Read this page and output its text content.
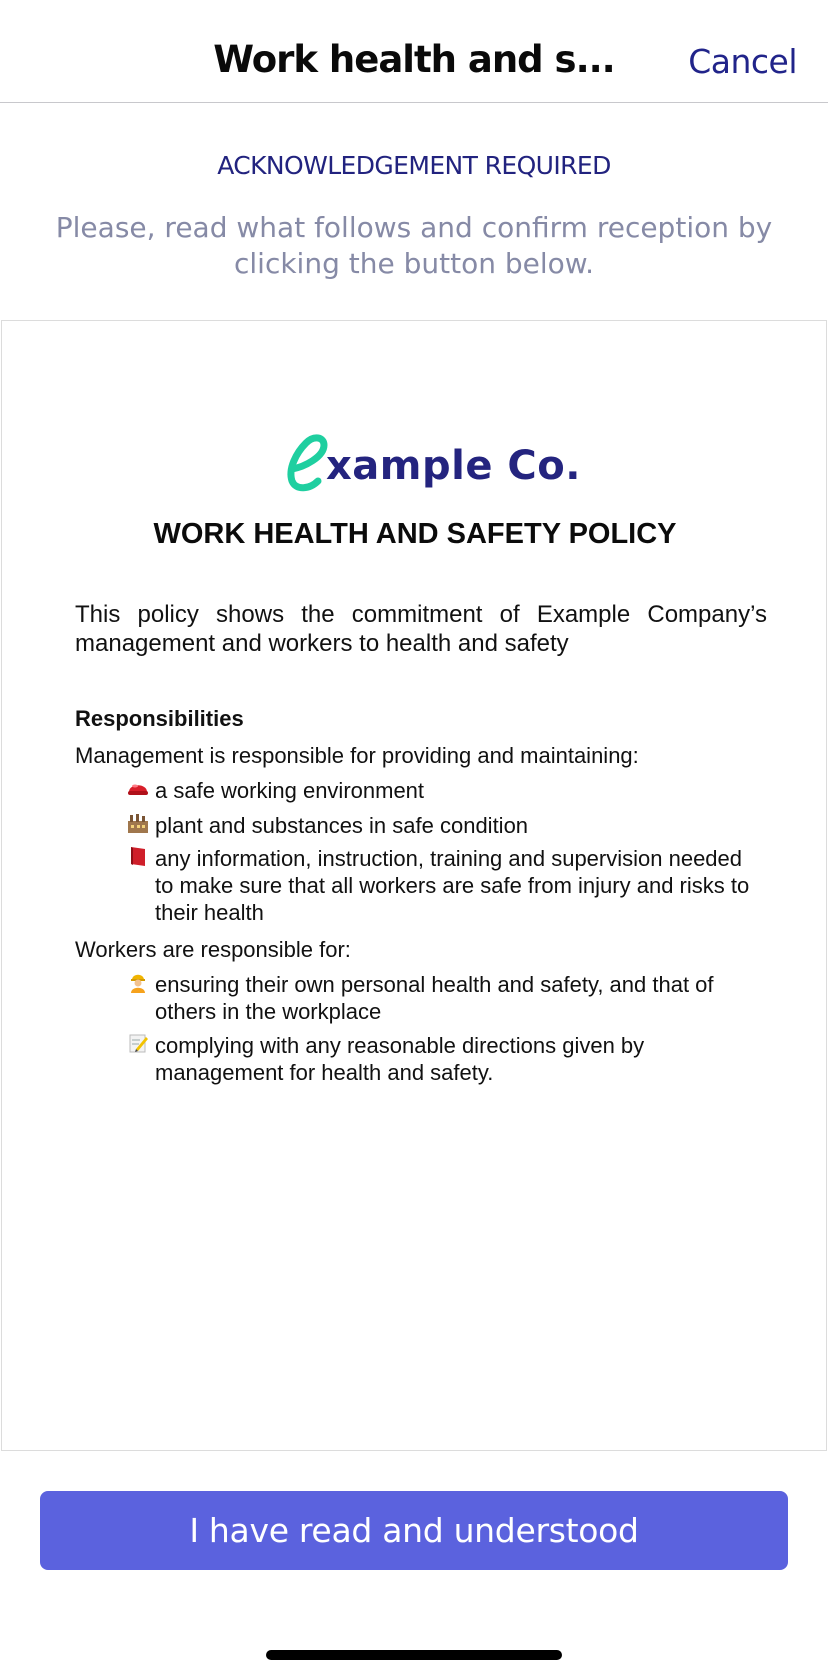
Work health and s...	Cancel
ACKNOWLEDGEMENT REQUIRED
Please, read what follows and confirm reception by clicking the button below.
xample Co.
WORK HEALTH AND SAFETY POLICY
This policy shows the commitment of Example Company’s management and workers to health and safety
Responsibilities
Management is responsible for providing and maintaining:
a safe working environment
plant and substances in safe condition
any information, instruction, training and supervision needed to make sure that all workers are safe from injury and risks to their health
Workers are responsible for:
ensuring their own personal health and safety, and that of others in the workplace
complying with any reasonable directions given by management for health and safety.
I have read and understood
